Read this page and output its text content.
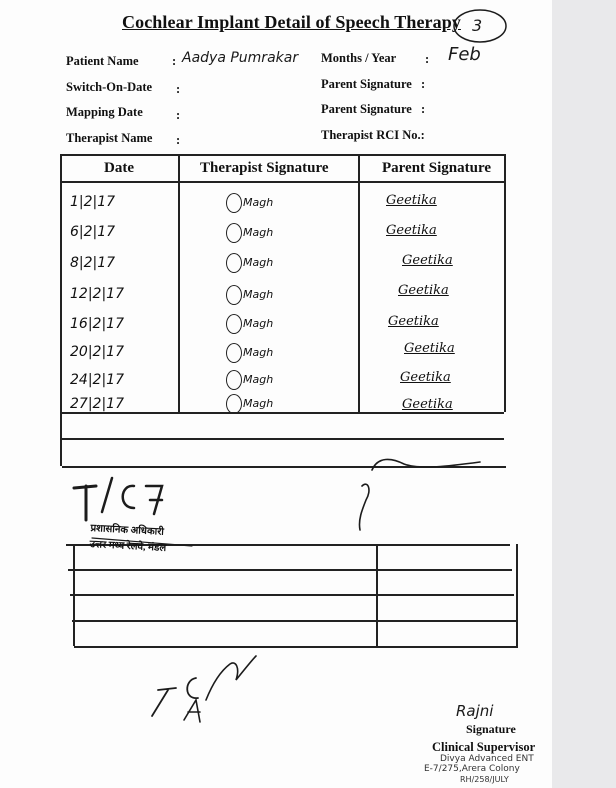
Cochlear Implant Detail of Speech Therapy 3
Patient Name	: Aadya Pumrakar
Switch-On-Date :
Mapping Date	:
Therapist Name :
Months / Year : Feb
Parent Signature :
Parent Signature :
Therapist RCI No.:
Date	Therapist Signature	Parent Signature
1|2|17	Magh	Geetika
6|2|17	Magh	Geetika
8|2|17	Magh	Geetika
12|2|17	Magh	Geetika
16|2|17	Magh	Geetika
20|2|17	Magh	Geetika
24|2|17	Magh	Geetika
27|2|17	Magh	Geetika
प्रशासनिक अधिकारी
उत्तर मध्य रेलवे, मंडल
Rajni
Signature
Clinical Supervisor
Divya Advanced ENT
E-7/275,Arera Colony
RH/258/JULY
